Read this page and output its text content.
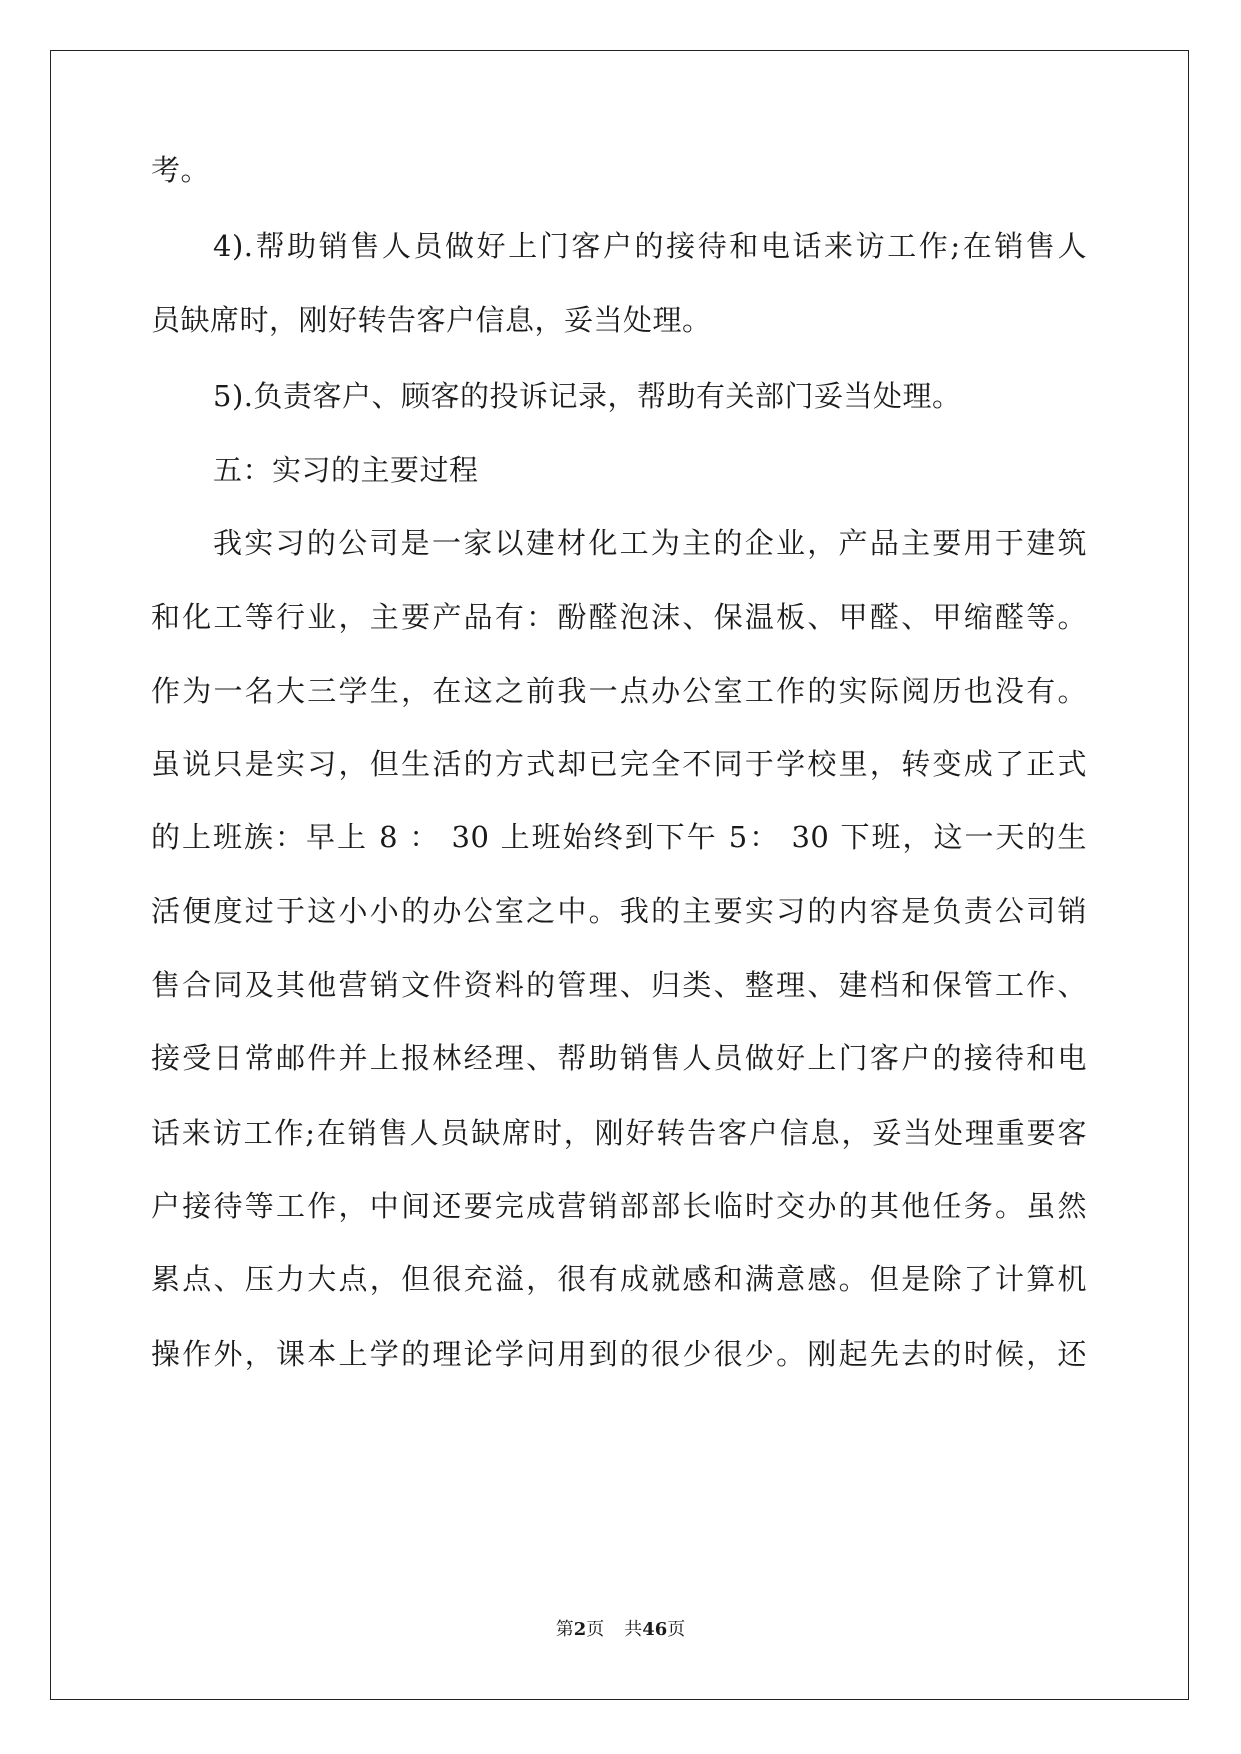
考。
4).帮助销售人员做好上门客户的接待和电话来访工作;在销售人
员缺席时，刚好转告客户信息，妥当处理。
5).负责客户、顾客的投诉记录，帮助有关部门妥当处理。
五：实习的主要过程
我实习的公司是一家以建材化工为主的企业，产品主要用于建筑
和化工等行业，主要产品有：酚醛泡沫、保温板、甲醛、甲缩醛等。
作为一名大三学生，在这之前我一点办公室工作的实际阅历也没有。
虽说只是实习，但生活的方式却已完全不同于学校里，转变成了正式
的上班族：早上 8 ： 30 上班始终到下午 5： 30 下班，这一天的生
活便度过于这小小的办公室之中。我的主要实习的内容是负责公司销
售合同及其他营销文件资料的管理、归类、整理、建档和保管工作、
接受日常邮件并上报林经理、帮助销售人员做好上门客户的接待和电
话来访工作;在销售人员缺席时，刚好转告客户信息，妥当处理重要客
户接待等工作，中间还要完成营销部部长临时交办的其他任务。虽然
累点、压力大点，但很充溢，很有成就感和满意感。但是除了计算机
操作外，课本上学的理论学问用到的很少很少。刚起先去的时候，还
第2页 共46页
